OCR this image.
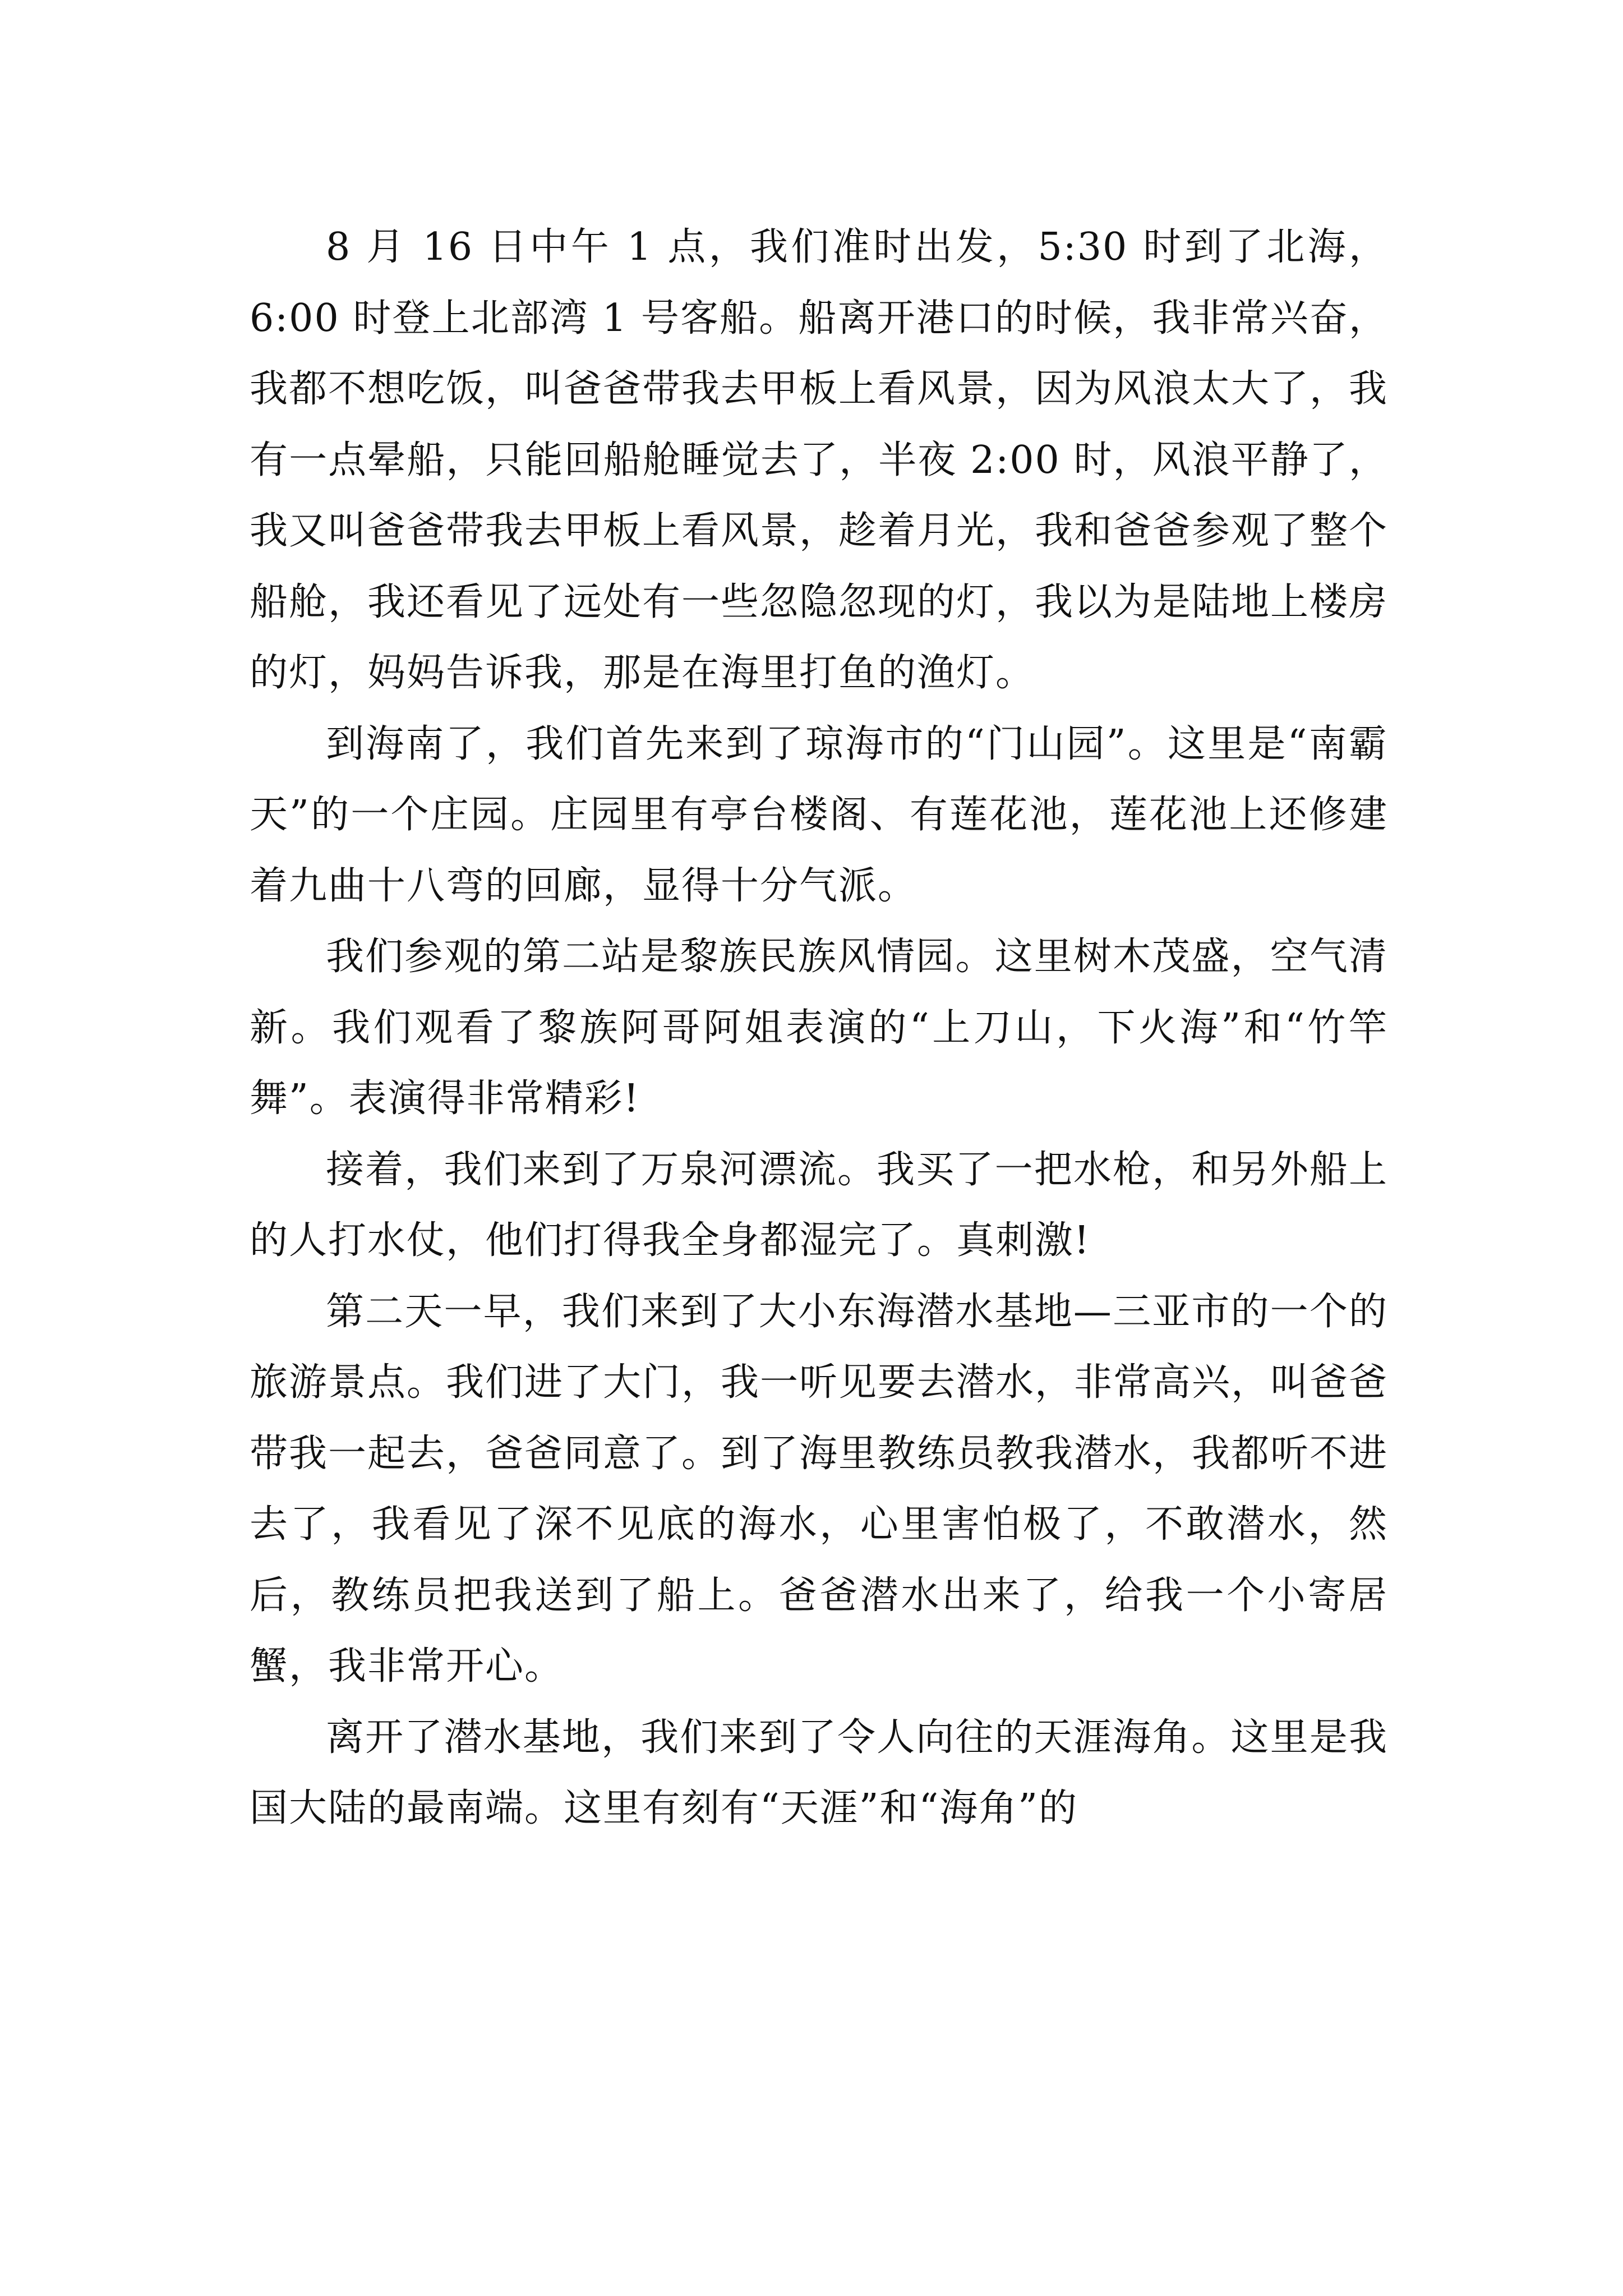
8 月 16 日中午 1 点，我们准时出发，5:30 时到了北海，6:00 时登上北部湾 1 号客船。船离开港口的时候，我非常兴奋，我都不想吃饭，叫爸爸带我去甲板上看风景，因为风浪太大了，我有一点晕船，只能回船舱睡觉去了，半夜 2:00 时，风浪平静了，我又叫爸爸带我去甲板上看风景，趁着月光，我和爸爸参观了整个船舱，我还看见了远处有一些忽隐忽现的灯，我以为是陆地上楼房的灯，妈妈告诉我，那是在海里打鱼的渔灯。

到海南了，我们首先来到了琼海市的“门山园”。这里是“南霸天”的一个庄园。庄园里有亭台楼阁、有莲花池，莲花池上还修建着九曲十八弯的回廊，显得十分气派。

我们参观的第二站是黎族民族风情园。这里树木茂盛，空气清新。我们观看了黎族阿哥阿姐表演的“上刀山，下火海”和“竹竿舞”。表演得非常精彩!

接着，我们来到了万泉河漂流。我买了一把水枪，和另外船上的人打水仗，他们打得我全身都湿完了。真刺激!

第二天一早，我们来到了大小东海潜水基地—三亚市的一个的旅游景点。我们进了大门，我一听见要去潜水，非常高兴，叫爸爸带我一起去，爸爸同意了。到了海里教练员教我潜水，我都听不进去了，我看见了深不见底的海水，心里害怕极了，不敢潜水，然后，教练员把我送到了船上。爸爸潜水出来了，给我一个小寄居蟹，我非常开心。

离开了潜水基地，我们来到了令人向往的天涯海角。这里是我国大陆的最南端。这里有刻有“天涯”和“海角”的
